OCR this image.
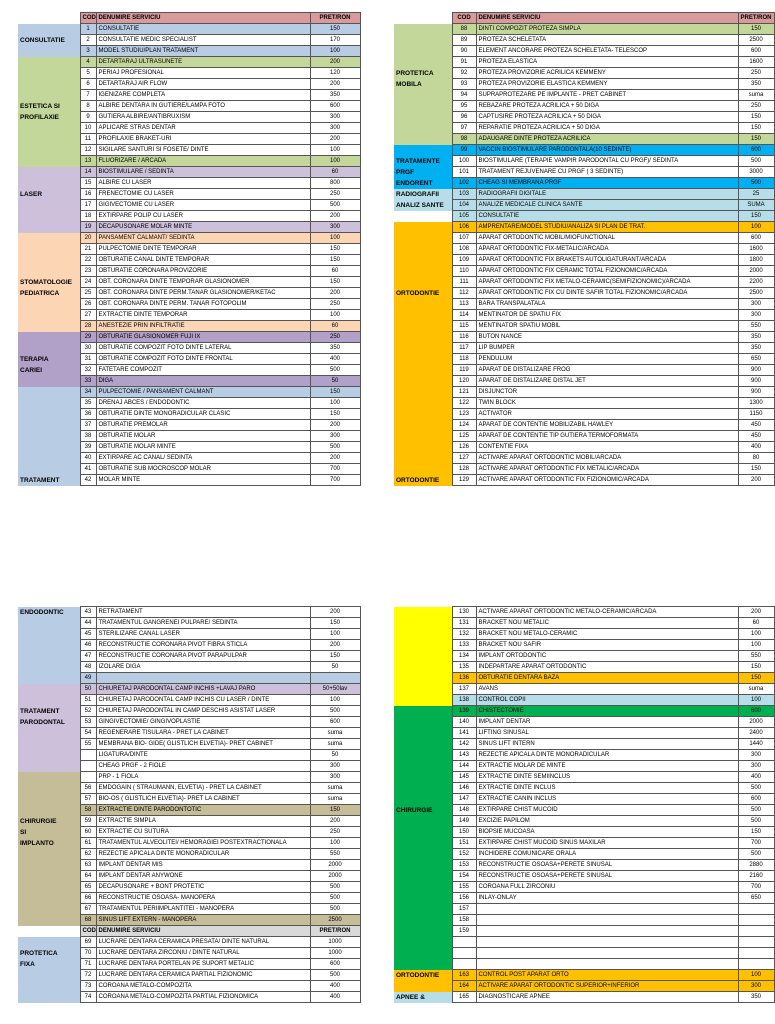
	COD	DENUMIRE SERVICIU	PRET/RON
	1	CONSULTATIE	150
CONSULTATIE	2	CONSULTATIE MEDIC SPECIALIST	170
	3	MODEL STUDIU/PLAN TRATAMENT	100
	4	DETARTARAJ ULTRASUNETE	200
	5	PERIAJ PROFESIONAL	120
	6	DETARTARAJ AIR FLOW	200
	7	IGENIZARE COMPLETA	350
ESTETICA SI	8	ALBIRE DENTARA IN GUTIERE/LAMPA FOTO	600
PROFILAXIE	9	GUTIERA ALBIRE/ANTIBRUXISM	300
	10	APLICARE STRAS DENTAR	300
	11	PROFILAXIE BRAKET-URI	200
	12	SIGILARE SANTURI SI FOSETE/ DINTE	100
	13	FLUORIZARE / ARCADA	100
	14	BIOSTIMULARE / SEDINTA	60
	15	ALBIRE CU LASER	800
LASER	16	FRENECTOMIE CU LASER	250
	17	GIGIVECTOMIE CU LASER	500
	18	EXTIRPARE POLIP CU LASER	200
	19	DECAPUSONARE MOLAR MINTE	300
	20	PANSAMENT CALMANT/ SEDINTA	100
	21	PULPECTOMIE DINTE TEMPORAR	150
	22	OBTURATIE CANAL DINTE TEMPORAR	150
	23	OBTURATIE CORONARA PROVIZORIE	60
STOMATOLOGIE	24	OBT. CORONARA DINTE TEMPORAR GLASIONOMER	150
PEDIATRICA	25	OBT. CORONARA DINTE PERM.TANAR GLASIONOMER/KETAC	200
	26	OBT. CORONARA DINTE PERM. TANAR FOTOPOLIM	250
	27	EXTRACTIE DINTE TEMPORAR	100
	28	ANESTEZIE PRIN INFILTRATIE	60
	29	OBTURATIE GLASIONOMER FUJI IX	250
	30	OBTURATIE COMPOZIT FOTO DINTE LATERAL	350
TERAPIA	31	OBTURATIE COMPOZIT FOTO DINTE FRONTAL	400
CARIEI	32	FATETARE COMPOZIT	500
	33	DIGA	50
	34	PULPECTOMIE / PANSAMENT CALMANT	150
	35	DRENAJ ABCES / ENDODONTIC	100
	36	OBTURATIE DINTE MONORADICULAR CLASIC	150
	37	OBTURATIE PREMOLAR	200
	38	OBTURATIE MOLAR	300
	39	OBTURATIE MOLAR MINTE	500
	40	EXTIRPARE AC CANAL/ SEDINTA	200
	41	OBTURATIE SUB MOCROSCOP MOLAR	700
TRATAMENT	42	MOLAR MINTE	700
	COD	DENUMIRE SERVICIU	PRET/RON
	88	DINTI COMPOZIT PROTEZA SIMPLA	150
	89	PROTEZA SCHELETATA	2500
	90	ELEMENT ANCORARE PROTEZA SCHELETATA- TELESCOP	600
	91	PROTEZA ELASTICA	1600
PROTETICA	92	PROTEZA PROVIZORIE ACRILICA KEMMENY	250
MOBILA	93	PROTEZA PROVIZORIE ELASTICA KEMMENY	350
	94	SUPRAPROTEZARE PE IMPLANTE - PRET CABINET	suma
	95	REBAZARE PROTEZA ACRILICA + 50 DIGA	250
	96	CAPTUSIRE PROTEZA ACRILICA + 50 DIGA	150
	97	REPARATIE PROTEZA ACRILICA + 50 DIGA	150
	98	ADAUGARE DINTE PROTEZA ACRILICA	150
	99	VACCIN BIOSTIMULARE PARODONTALA(10 SEDINTE)	600
TRATAMENTE	100	BIOSTIMULARE (TERAPIE VAMPIR PARODONTAL CU PRGF)/ SEDINTA	500
PRGF	101	TRATAMENT REJUVENARE CU PRGF ( 3 SEDINTE)	3000
ENDORENT	102	CHEAG SI MEMBRANA PRGF	500
RADIOGRAFII	103	RADIOGRAFII DIGITALE	25
ANALIZ SANTE	104	ANALIZE MEDICALE CLINICA SANTE	SUMA
	105	CONSULTATIE	150
	106	AMPRENTARE/MODEL STUDIU/ANALIZA SI PLAN DE TRAT.	100
	107	APARAT ORTODONTIC MOBIL/MIOFUNCTIONAL	600
	108	APARAT ORTODONTIC FIX-METALIC/ARCADA	1600
	109	APARAT ORTODONTIC FIX BRAKETS AUTOLIGATURANT/ARCADA	1800
	110	APARAT ORTODONTIC FIX CERAMIC TOTAL FIZIONOMIC/ARCADA	2000
	111	APARAT ORTODONTIC FIX METALO-CERAMIC(SEMIFIZIONOMIC)/ARCADA	2200
ORTODONTIE	112	APARAT ORTODONTIC FIX CU DINTE SAFIR TOTAL FIZIONOMIC/ARCADA	2500
	113	BARA TRANSPALATALA	300
	114	MENTINATOR DE SPATIU FIX	300
	115	MENTINATOR SPATIU MOBIL	550
	116	BUTON NANCE	350
	117	LIP BUMPER	350
	118	PENDULUM	650
	119	APARAT DE DISTALIZARE FROG	900
	120	APARAT DE DISTALIZARE DISTAL JET	900
	121	DISJUNCTOR	900
	122	TWIN BLOCK	1300
	123	ACTIVATOR	1150
	124	APARAT DE CONTENTIE MOBILIZABIL HAWLEY	450
	125	APARAT DE CONTENTIE TIP GUTIERA TERMOFORMATA	450
	126	CONTENTIE FIXA	400
	127	ACTIVARE APARAT ORTODONTIC MOBIL/ARCADA	80
	128	ACTIVARE APARAT ORTODONTIC FIX METALIC/ARCADA	150
ORTODONTIE	129	ACTIVARE APARAT ORTODONTIC FIX FIZIONOMIC/ARCADA	200
ENDODONTIC	43	RETRATAMENT	200
	44	TRATAMENTUL GANGRENEI PULPARE/ SEDINTA	150
	45	STERILIZARE CANAL LASER	100
	46	RECONSTRUCTIE CORONARA PIVOT FIBRA STICLA	200
	47	RECONSTRUCTIE CORONARA PIVOT PARAPULPAR	150
	48	IZOLARE DIGA	50
	49		
	50	CHIURETAJ PARODONTAL CAMP INCHIS +LAVAJ PARO	50+50lav
	51	CHIURETAJ PARODONTAL CAMP INCHIS CU LASER / DINTE	100
TRATAMENT	52	CHIURETAJ PARODONTAL IN CAMP DESCHIS ASISTAT LASER	500
PARODONTAL	53	GINGIVECTOMIE/ GINGIVOPLASTIE	600
	54	REGENERARE TISULARA - PRET LA CABINET	suma
	55	MEMBRANA BIO- GIDE( GLISTLICH ELVETIA)- PRET CABINET	suma
		LIGATURA/DINTE	50
		CHEAG PRGF - 2 FIOLE	300
		PRP - 1 FIOLA	300
	56	EMDOGAIN ( STRAUMANN, ELVETIA) - PRET LA CABINET	suma
	57	BIO-OS ( GLISTLICH ELVETIA)- PRET LA CABINET	suma
	58	EXTRACTIE DINTE PARODONTOTIC	150
CHIRURGIE	59	EXTRACTIE SIMPLA	200
SI	60	EXTRACTIE CU SUTURA	250
IMPLANTO	61	TRATAMENTUL ALVEOLITEI/ HEMORAGIEI POSTEXTRACTIONALA	100
	62	REZECTIE APICALA DINTE MONORADICULAR	550
	63	IMPLANT DENTAR MIS	2000
	64	IMPLANT DENTAR ANYWONE	2000
	65	DECAPUSONARE + BONT PROTETIC	500
	66	RECONSTRUCTIE OSOASA- MANOPERA	500
	67	TRATAMENTUL PERIIMPLANTITEI - MANOPERA	500
	68	SINUS LIFT EXTERN - MANOPERA	2500
	COD	DENUMIRE SERVICIU	PRET/RON
	69	LUCRARE DENTARA CERAMICA PRESATA/ DINTE NATURAL	1000
PROTETICA	70	LUCRARE DENTARA ZIRCONIU / DINTE NATURAL	1000
FIXA	71	LUCRARE DENTARA PORTELAN PE SUPORT METALIC	600
	72	LUCRARE DENTARA CERAMICA PARTIAL FIZIONOMIC	500
	73	COROANA METALO-COMPOZITA	400
	74	COROANA METALO-COMPOZITA PARTIAL FIZIONOMICA	400
	130	ACTIVARE APARAT ORTODONTIC METALO-CERAMIC/ARCADA	200
	131	BRACKET NOU METALIC	60
	132	BRACKET NOU METALO-CERAMIC	100
	133	BRACKET NOU SAFIR	100
	134	IMPLANT ORTODONTIC	550
	135	INDEPARTARE APARAT ORTODONTIC	150
	136	OBTURATIE DENTARA BAZA	150
	137	AVANS	suma
	138	CONTROL COPII	100
	139	CHISTECTOMIE	600
	140	IMPLANT DENTAR	2000
	141	LIFTING SINUSAL	2400
	142	SINUS LIFT INTERN	1440
	143	REZECTIE APICALA DINTE MONORADICULAR	300
	144	EXTRACTIE MOLAR DE MINTE	300
	145	EXTRACTIE DINTE SEMIINCLUS	400
	146	EXTRACTIE DINTE INCLUS	500
	147	EXTRACTIE CANIN INCLUS	600
CHIRURGIE	148	EXTIRPARE CHIST MUCOID	500
	149	EXCIZIE PAPILOM	500
	150	BIOPSIE MUCOASA	150
	151	EXTIRPARE CHIST MUCOID SINUS MAXILAR	700
	152	INCHIDERE COMUNICARE ORALA	500
	153	RECONSTRUCTIE OSOASA+PERETE SINUSAL	2880
	154	RECONSTRUCTIE OSOASA+PERETE SINUSAL	2160
	155	COROANA FULL ZIRCONIU	700
	156	INLAY-ONLAY	650
	157		
	158		
	159		

ORTODONTIE	163	CONTROL POST APARAT ORTO	100
	164	ACTIVARE APARAT ORTODONTIC SUPERIOR+INFERIOR	300
APNEE &	165	DIAGNOSTICARE APNEE	350
